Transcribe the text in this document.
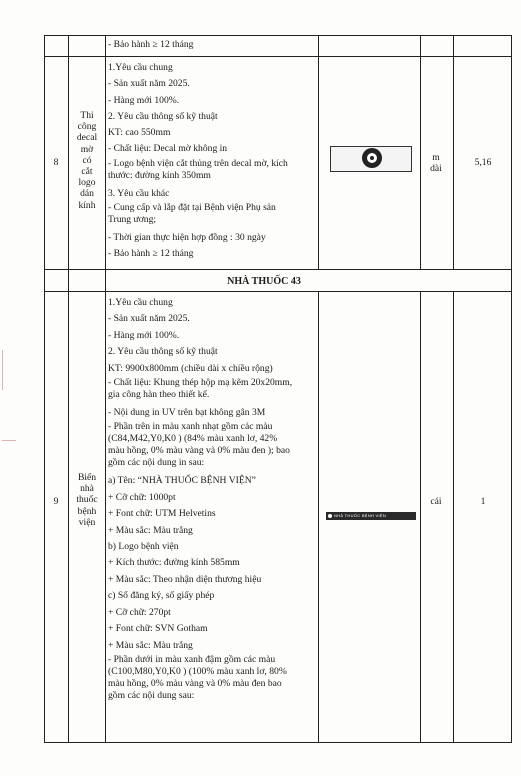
- Bảo hành ≥ 12 tháng
8
Thi
công
decal
mờ
có
cắt
logo
dán
kính
1.Yêu cầu chung
- Sản xuất năm 2025.
- Hàng mới 100%.
2. Yêu cầu thông số kỹ thuật
KT: cao 550mm
- Chất liệu: Decal mờ không in
- Logo bệnh viện cắt thủng trên decal mờ, kích
thước: đường kính 350mm
3. Yêu cầu khác
- Cung cấp và lắp đặt tại Bệnh viện Phụ sản
Trung ương;
- Thời gian thực hiện hợp đồng : 30 ngày
- Bảo hành ≥ 12 tháng
m
dài
5,16
NHÀ THUỐC 43
9
Biển
nhà
thuốc
bệnh
viện
1.Yêu cầu chung
- Sản xuất năm 2025.
- Hàng mới 100%.
2. Yêu cầu thông số kỹ thuật
KT: 9900x800mm (chiều dài x chiều rộng)
- Chất liệu: Khung thép hộp mạ kẽm 20x20mm,
gia công hàn theo thiết kế.
- Nội dung in UV trên bạt không gân 3M
- Phần trên in màu xanh nhạt gồm các màu
(C84,M42,Y0,K0 ) (84% màu xanh lơ, 42%
màu hồng, 0% màu vàng và 0% màu đen ); bao
gồm các nội dung in sau:
a) Tên: “NHÀ THUỐC BỆNH VIỆN”
+ Cỡ chữ: 1000pt
+ Font chữ: UTM Helvetins
+ Màu sắc: Màu trắng
b) Logo bệnh viện
+ Kích thước: đường kính 585mm
+ Màu sắc: Theo nhận diện thương hiệu
c) Số đăng ký, số giấy phép
+ Cỡ chữ: 270pt
+ Font chữ: SVN Gotham
+ Màu sắc: Màu trắng
- Phần dưới in màu xanh đậm gồm các màu
(C100,M80,Y0,K0 ) (100% màu xanh lơ, 80%
màu hồng, 0% màu vàng và 0% màu đen bao
gồm các nội dung sau:
NHÀ THUỐC BỆNH VIỆN
cái	1
